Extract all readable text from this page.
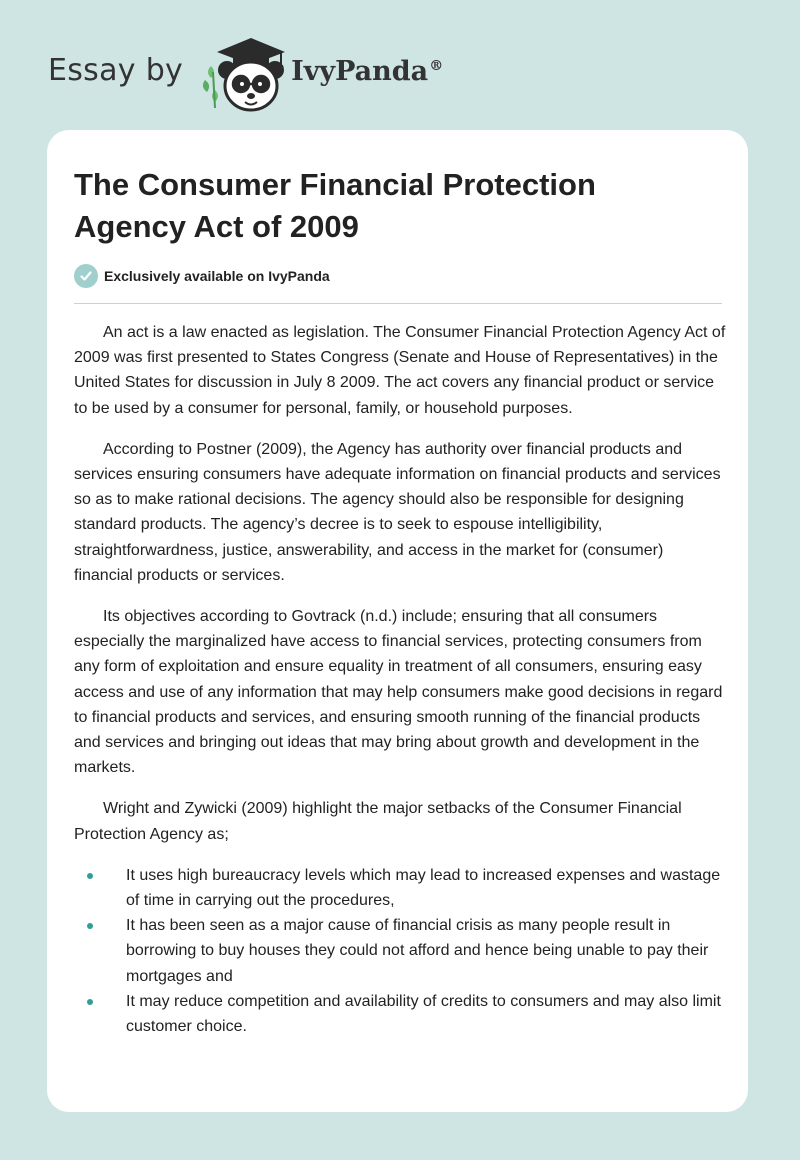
Essay by	IvyPanda®
The Consumer Financial Protection Agency Act of 2009
Exclusively available on IvyPanda

An act is a law enacted as legislation. The Consumer Financial Protection Agency Act of 2009 was first presented to States Congress (Senate and House of Representatives) in the United States for discussion in July 8 2009. The act covers any financial product or service to be used by a consumer for personal, family, or household purposes.

According to Postner (2009), the Agency has authority over financial products and services ensuring consumers have adequate information on financial products and services so as to make rational decisions. The agency should also be responsible for designing standard products. The agency’s decree is to seek to espouse intelligibility, straightforwardness, justice, answerability, and access in the market for (consumer) financial products or services.

Its objectives according to Govtrack (n.d.) include; ensuring that all consumers especially the marginalized have access to financial services, protecting consumers from any form of exploitation and ensure equality in treatment of all consumers, ensuring easy access and use of any information that may help consumers make good decisions in regard to financial products and services, and ensuring smooth running of the financial products and services and bringing out ideas that may bring about growth and development in the markets.

Wright and Zywicki (2009) highlight the major setbacks of the Consumer Financial Protection Agency as;

It uses high bureaucracy levels which may lead to increased expenses and wastage of time in carrying out the procedures,
It has been seen as a major cause of financial crisis as many people result in borrowing to buy houses they could not afford and hence being unable to pay their mortgages and
It may reduce competition and availability of credits to consumers and may also limit customer choice.
